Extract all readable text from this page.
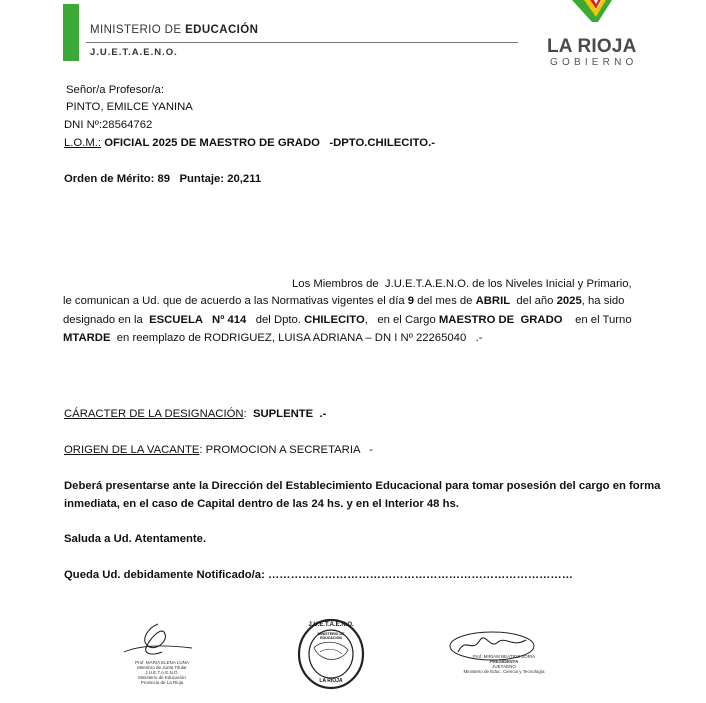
MINISTERIO DE EDUCACIÓN
J.U.E.T.A.E.N.O.	LA RIOJA
GOBIERNO
Señor/a Profesor/a:
PINTO, EMILCE YANINA
DNI Nº:28564762
L.O.M.: OFICIAL 2025 DE MAESTRO DE GRADO   -DPTO.CHILECITO.-
Orden de Mérito: 89   Puntaje: 20,211
Los Miembros de  J.U.E.T.A.E.N.O. de los Niveles Inicial y Primario,

le comunican a Ud. que de acuerdo a las Normativas vigentes el día 9 del mes de ABRIL  del año 2025, ha sido

designado en la  ESCUELA   Nº 414   del Dpto. CHILECITO,   en el Cargo MAESTRO DE  GRADO    en el Turno

MTARDE  en reemplazo de RODRIGUEZ, LUISA ADRIANA – DN I Nº 22265040   .-

CÁRACTER DE LA DESIGNACIÓN:  SUPLENTE  .-
ORIGEN DE LA VACANTE: PROMOCION A SECRETARIA   -
Deberá presentarse ante la Dirección del Establecimiento Educacional para tomar posesión del cargo en forma
inmediata, en el caso de Capital dentro de las 24 hs. y en el Interior 48 hs.
Saluda a Ud. Atentamente.
Queda Ud. debidamente Notificado/a: ………………………………………………………………………
Prof. MARIA ELENA LUNA
Miembro de Junta Titular
J.U.E.T.A.E.N.O.
Ministerio de Educación
Provincia de La Rioja
J.U.E.T.A.E.N.O.
MINISTERIO DE EDUCACIÓN
LA RIOJA
Prof. MIRIAM BEATRIZ SORIA
PRESIDENTA
JUETAENO
Ministerio de Educ. Ciencia y Tecnología
